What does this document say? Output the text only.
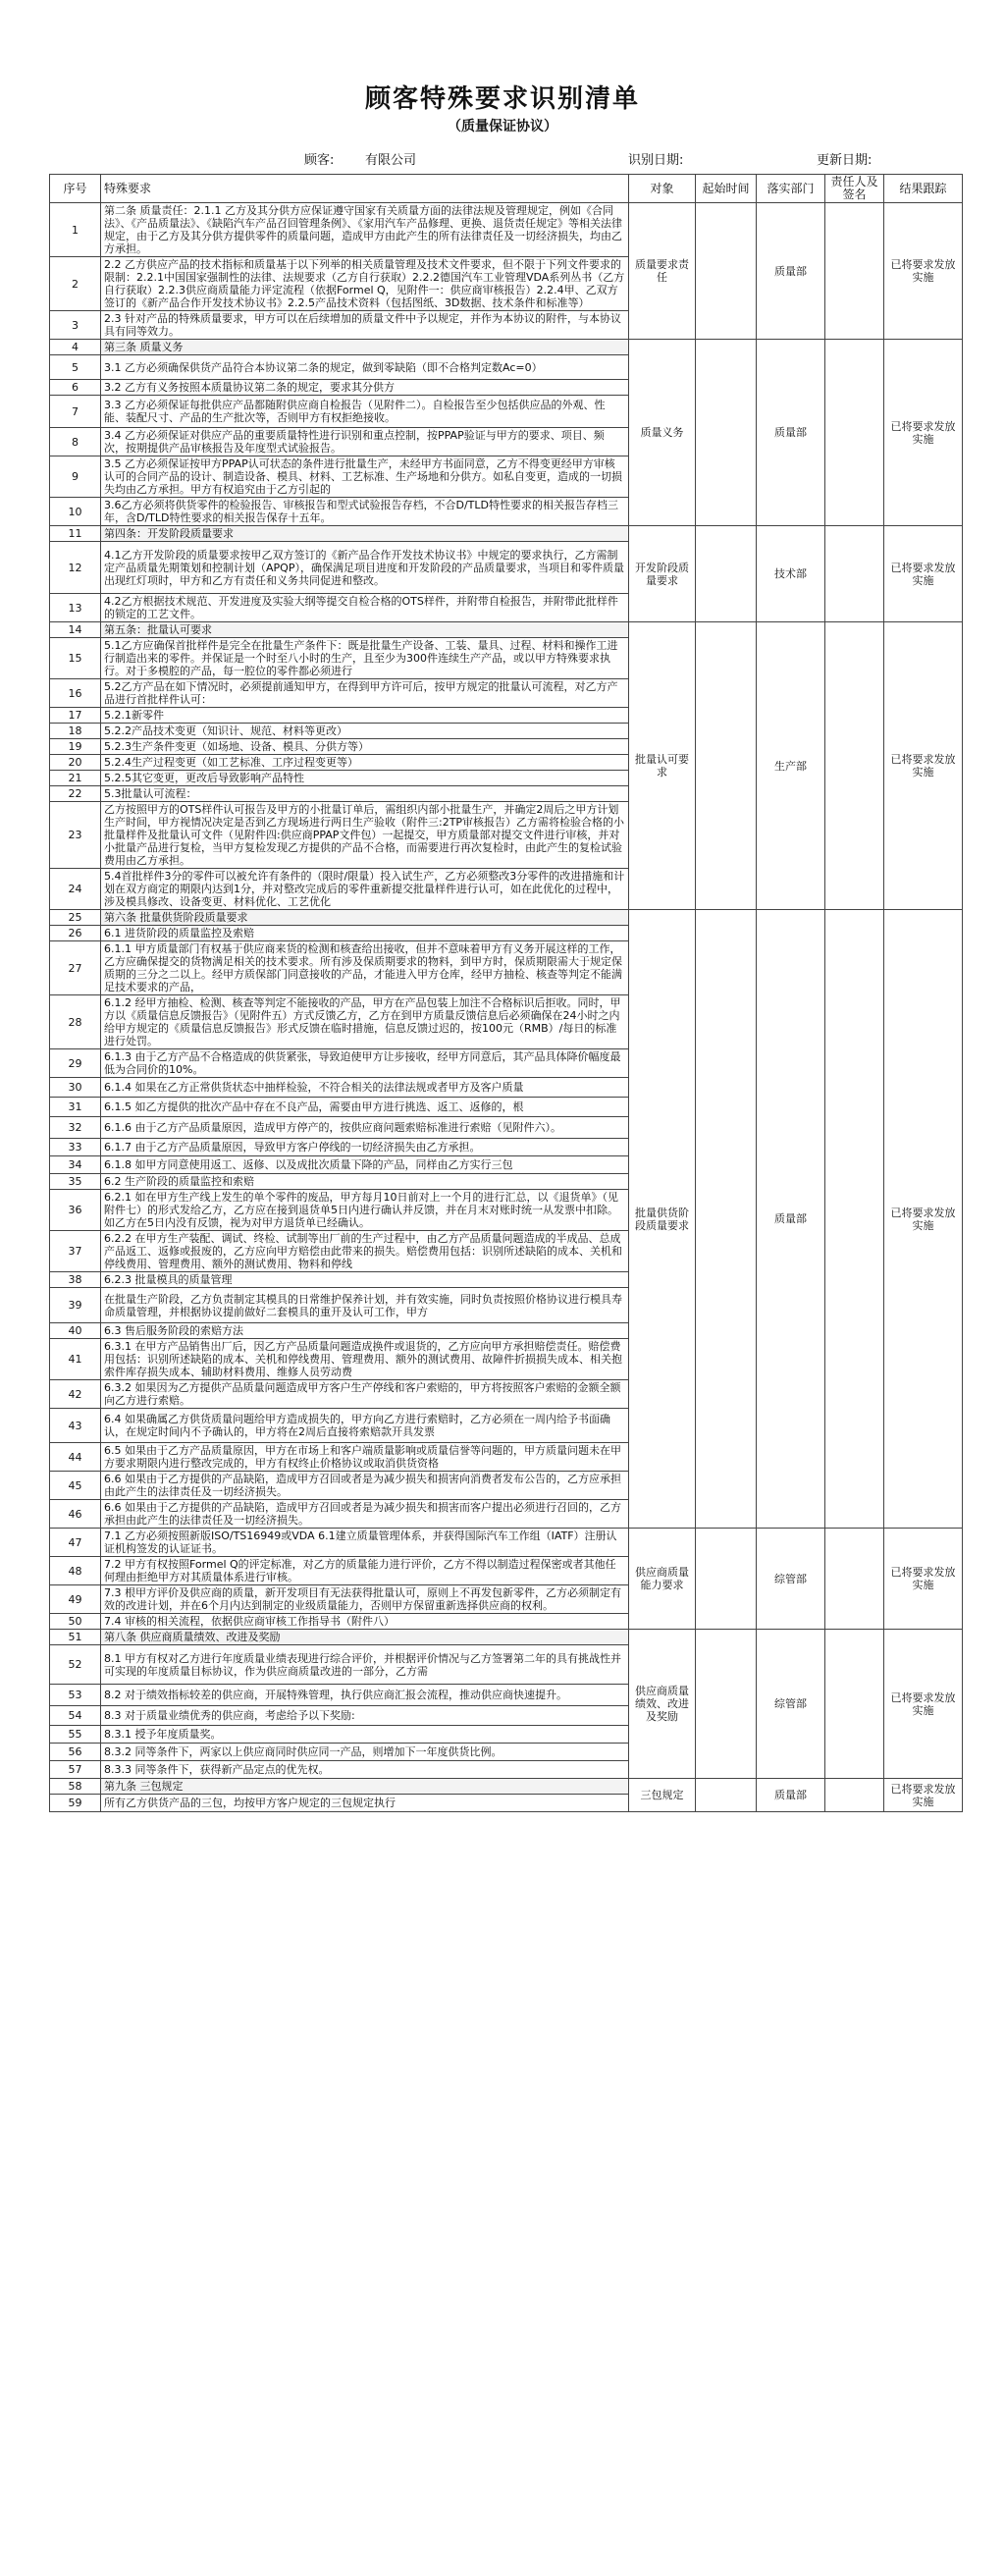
顾客特殊要求识别清单
（质量保证协议）
顾客: 有限公司	识别日期:	更新日期:
序号	特殊要求	对象	起始时间	落实部门	责任人及签名	结果跟踪
1	第二条 质量责任：2.1.1 乙方及其分供方应保证遵守国家有关质量方面的法律法规及管理规定，例如《合同法》、《产品质量法》、《缺陷汽车产品召回管理条例》、《家用汽车产品修理、更换、退货责任规定》等相关法律规定，由于乙方及其分供方提供零件的质量问题，造成甲方由此产生的所有法律责任及一切经济损失，均由乙方承担。	质量要求责任		质量部		已将要求发放实施
2	2.2 乙方供应产品的技术指标和质量基于以下列举的相关质量管理及技术文件要求，但不限于下列文件要求的限制：2.2.1中国国家强制性的法律、法规要求（乙方自行获取）2.2.2德国汽车工业管理VDA系列丛书（乙方自行获取）2.2.3供应商质量能力评定流程（依据Formel Q，见附件一：供应商审核报告）2.2.4甲、乙双方签订的《新产品合作开发技术协议书》2.2.5产品技术资料（包括图纸、3D数据、技术条件和标准等）					
3	2.3 针对产品的特殊质量要求，甲方可以在后续增加的质量文件中予以规定，并作为本协议的附件，与本协议具有同等效力。					
4	第三条 质量义务	质量义务		质量部		已将要求发放实施
5	3.1 乙方必须确保供货产品符合本协议第二条的规定，做到零缺陷（即不合格判定数Ac=0）					
6	3.2 乙方有义务按照本质量协议第二条的规定，要求其分供方					
7	3.3 乙方必须保证每批供应产品都随附供应商自检报告（见附件二）。自检报告至少包括供应品的外观、性能、装配尺寸、产品的生产批次等，否则甲方有权拒绝接收。					
8	3.4 乙方必须保证对供应产品的重要质量特性进行识别和重点控制，按PPAP验证与甲方的要求、项目、频次，按期提供产品审核报告及年度型式试验报告。					
9	3.5 乙方必须保证按甲方PPAP认可状态的条件进行批量生产，未经甲方书面同意，乙方不得变更经甲方审核认可的合同产品的设计、制造设备、模具、材料、工艺标准、生产场地和分供方。如私自变更，造成的一切损失均由乙方承担。甲方有权追究由于乙方引起的					
10	3.6乙方必须将供货零件的检验报告、审核报告和型式试验报告存档，不合D/TLD特性要求的相关报告存档三年，含D/TLD特性要求的相关报告保存十五年。					
11	第四条：开发阶段质量要求	开发阶段质量要求		技术部		已将要求发放实施
12	4.1乙方开发阶段的质量要求按甲乙双方签订的《新产品合作开发技术协议书》中规定的要求执行，乙方需制定产品质量先期策划和控制计划（APQP），确保满足项目进度和开发阶段的产品质量要求，当项目和零件质量出现红灯项时，甲方和乙方有责任和义务共同促进和整改。					
13	4.2乙方根据技术规范、开发进度及实验大纲等提交自检合格的OTS样件，并附带自检报告，并附带此批样件的锁定的工艺文件。					
14	第五条：批量认可要求	批量认可要求		生产部		已将要求发放实施
15	5.1乙方应确保首批样件是完全在批量生产条件下：既是批量生产设备、工装、量具、过程、材料和操作工进行制造出来的零件。并保证是一个时至八小时的生产，且至少为300件连续生产产品，或以甲方特殊要求执行。对于多模腔的产品，每一腔位的零件都必须进行					
16	5.2乙方产品在如下情况时，必须提前通知甲方，在得到甲方许可后，按甲方规定的批量认可流程，对乙方产品进行首批样件认可：					
17	5.2.1新零件					
18	5.2.2产品技术变更（知识计、规范、材料等更改）					
19	5.2.3生产条件变更（如场地、设备、模具、分供方等）					
20	5.2.4生产过程变更（如工艺标准、工序过程变更等）					
21	5.2.5其它变更，更改后导致影响产品特性					
22	5.3批量认可流程：					
23	乙方按照甲方的OTS样件认可报告及甲方的小批量订单后，需组织内部小批量生产，并确定2周后之甲方计划生产时间，甲方视情况决定是否到乙方现场进行两日生产验收（附件三:2TP审核报告）乙方需将检验合格的小批量样件及批量认可文件（见附件四:供应商PPAP文件包）一起提交，甲方质量部对提交文件进行审核，并对小批量产品进行复检，当甲方复检发现乙方提供的产品不合格，而需要进行再次复检时，由此产生的复检试验费用由乙方承担。					
24	5.4首批样件3分的零件可以被允许有条件的（限时/限量）投入试生产，乙方必须整改3分零件的改进措施和计划在双方商定的期限内达到1分，并对整改完成后的零件重新提交批量样件进行认可，如在此优化的过程中，涉及模具修改、设备变更、材料优化、工艺优化					
25	第六条 批量供货阶段质量要求	批量供货阶段质量要求		质量部		已将要求发放实施
26	6.1 进货阶段的质量监控及索赔					
27	6.1.1 甲方质量部门有权基于供应商来货的检测和核查给出接收，但并不意味着甲方有义务开展这样的工作，乙方应确保提交的货物满足相关的技术要求。所有涉及保质期要求的物料，到甲方时，保质期限需大于规定保质期的三分之二以上。经甲方质保部门同意接收的产品，才能进入甲方仓库，经甲方抽检、核查等判定不能满足技术要求的产品，					
28	6.1.2 经甲方抽检、检测、核查等判定不能接收的产品，甲方在产品包装上加注不合格标识后拒收。同时，甲方以《质量信息反馈报告》（见附件五）方式反馈乙方，乙方在到甲方质量反馈信息后必须确保在24小时之内给甲方规定的《质量信息反馈报告》形式反馈在临时措施，信息反馈过迟的，按100元（RMB）/每日的标准进行处罚。					
29	6.1.3 由于乙方产品不合格造成的供货紧张，导致迫使甲方让步接收，经甲方同意后，其产品具体降价幅度最低为合同价的10%。					
30	6.1.4 如果在乙方正常供货状态中抽样检验，不符合相关的法律法规或者甲方及客户质量					
31	6.1.5 如乙方提供的批次产品中存在不良产品，需要由甲方进行挑选、返工、返修的，根					
32	6.1.6 由于乙方产品质量原因，造成甲方停产的，按供应商问题索赔标准进行索赔（见附件六）。					
33	6.1.7 由于乙方产品质量原因，导致甲方客户停线的一切经济损失由乙方承担。					
34	6.1.8 如甲方同意使用返工、返修、以及成批次质量下降的产品，同样由乙方实行三包					
35	6.2 生产阶段的质量监控和索赔					
36	6.2.1 如在甲方生产线上发生的单个零件的废品，甲方每月10日前对上一个月的进行汇总，以《退货单》（见附件七）的形式发给乙方，乙方应在接到退货单5日内进行确认并反馈，并在月末对账时统一从发票中扣除。如乙方在5日内没有反馈，视为对甲方退货单已经确认。					
37	6.2.2 在甲方生产装配、调试、终检、试制等出厂前的生产过程中，由乙方产品质量问题造成的半成品、总成产品返工、返修或报废的，乙方应向甲方赔偿由此带来的损失。赔偿费用包括：识别所述缺陷的成本、关机和停线费用、管理费用、额外的测试费用、物料和停线					
38	6.2.3 批量模具的质量管理					
39	在批量生产阶段，乙方负责制定其模具的日常维护保养计划，并有效实施，同时负责按照价格协议进行模具寿命质量管理，并根据协议提前做好二套模具的重开及认可工作，甲方					
40	6.3 售后服务阶段的索赔方法					
41	6.3.1 在甲方产品销售出厂后，因乙方产品质量问题造成换件或退货的，乙方应向甲方承担赔偿责任。赔偿费用包括：识别所述缺陷的成本、关机和停线费用、管理费用、额外的测试费用、故障件折损损失成本、相关抱索件库存损失成本、辅助材料费用、维修人员劳动费					
42	6.3.2 如果因为乙方提供产品质量问题造成甲方客户生产停线和客户索赔的，甲方将按照客户索赔的金额全额向乙方进行索赔。					
43	6.4 如果确属乙方供货质量问题给甲方造成损失的，甲方向乙方进行索赔时，乙方必须在一周内给予书面确认，在规定时间内不予确认的，甲方将在2周后直接将索赔款开具发票					
44	6.5 如果由于乙方产品质量原因，甲方在市场上和客户端质量影响或质量信誉等问题的，甲方质量问题未在甲方要求期限内进行整改完成的，甲方有权终止价格协议或取消供货资格					
45	6.6 如果由于乙方提供的产品缺陷，造成甲方召回或者是为减少损失和损害向消费者发布公告的，乙方应承担由此产生的法律责任及一切经济损失。					
46	6.6 如果由于乙方提供的产品缺陷，造成甲方召回或者是为减少损失和损害而客户提出必须进行召回的，乙方承担由此产生的法律责任及一切经济损失。					
47	7.1 乙方必须按照新版ISO/TS16949或VDA 6.1建立质量管理体系，并获得国际汽车工作组（IATF）注册认证机构签发的认证证书。	供应商质量能力要求		综管部		已将要求发放实施
48	7.2 甲方有权按照Formel Q的评定标准，对乙方的质量能力进行评价，乙方不得以制造过程保密或者其他任何理由拒绝甲方对其质量体系进行审核。					
49	7.3 根甲方评价及供应商的质量，新开发项目有无法获得批量认可，原则上不再发包新零件，乙方必须制定有效的改进计划，并在6个月内达到制定的业级质量能力，否则甲方保留重新选择供应商的权利。					
50	7.4 审核的相关流程，依据供应商审核工作指导书（附件八）					
51	第八条 供应商质量绩效、改进及奖励	供应商质量绩效、改进及奖励		综管部		已将要求发放实施
52	8.1 甲方有权对乙方进行年度质量业绩表现进行综合评价，并根据评价情况与乙方签署第二年的具有挑战性并可实现的年度质量目标协议，作为供应商质量改进的一部分，乙方需					
53	8.2 对于绩效指标较差的供应商，开展特殊管理，执行供应商汇报会流程，推动供应商快速提升。					
54	8.3 对于质量业绩优秀的供应商，考虑给予以下奖励:					
55	8.3.1 授予年度质量奖。					
56	8.3.2 同等条件下，两家以上供应商同时供应同一产品，则增加下一年度供货比例。					
57	8.3.3 同等条件下，获得新产品定点的优先权。					
58	第九条 三包规定	三包规定		质量部		已将要求发放实施
59	所有乙方供货产品的三包，均按甲方客户规定的三包规定执行					
